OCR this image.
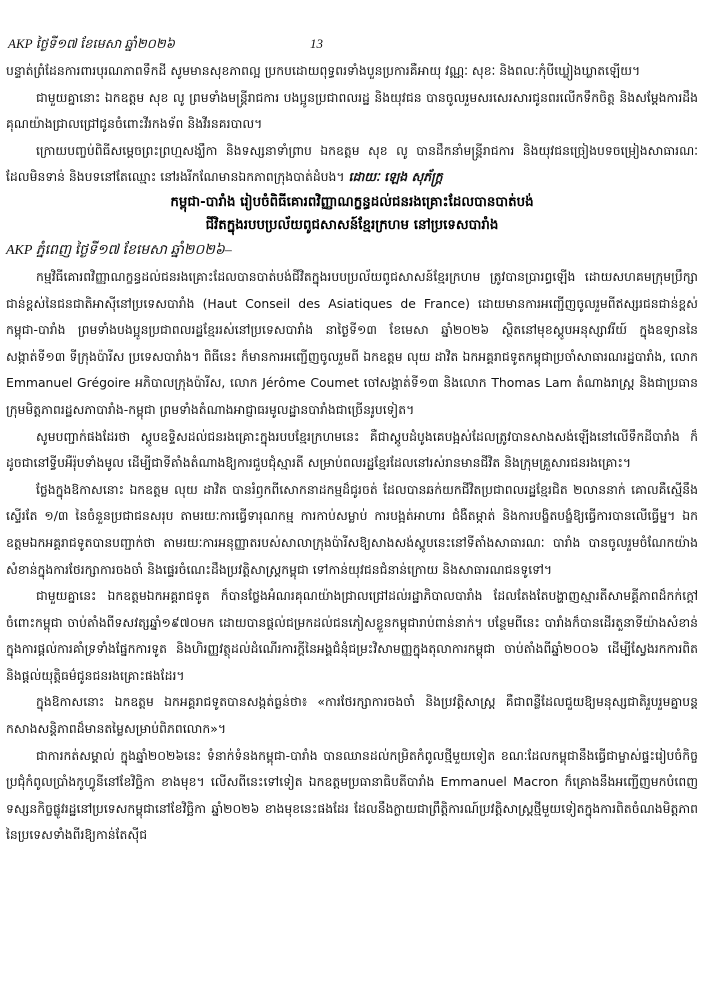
AKP ថ្ងៃទី១៧ ខែមេសា ឆ្នាំ២០២៦	13

បន្ទាត់ព្រំដែនការពារបុរណភាពទឹកដី សូមមានសុខភាពល្អ ប្រកបដោយពុទ្ធពរទាំងបួនប្រការគឺអាយុ វណ្ណៈ សុខៈ និងពលៈកុំបីឃ្លៀងឃ្លាតឡើយ។

ជាមួយគ្នានោះ ឯកឧត្តម សុខ លូ ព្រមទាំងមន្រ្តីរាជការ បងប្អូនប្រជាពលរដ្ឋ និងយុវជន បានចូលរួមសរសេរសារជូនពរលើកទឹកចិត្ត និងសម្តែងការដឹងគុណយ៉ាងជ្រាលជ្រៅជូនចំពោះវីរកងទ័ព និងវីរនគរបាល។

ក្រោយបញ្ចប់ពិធីសម្តេចព្រះព្រហ្មសង្ឃឹកា និងទស្សនាទាំព្រាប ឯកឧត្តម សុខ លូ បានដឹកនាំមន្រ្តីរាជការ និងយុវជនច្រៀងបទចម្រៀងសាធារណៈ ដែលមិនទាន់ និងបទនៅតែឈ្មោះ នៅរងរីកណែមានឯកភាពក្រុងបាត់ដំបង។ ដោយៈ ឡេង សុភ័ក្ត្រ

កម្ពុជា-បារាំង រៀបចំពិធីគោរពវិញ្ញាណក្ខន្ធដល់ជនរងគ្រោះដែលបានបាត់បង់
ជីវិតក្នុងរបបប្រល័យពូជសាសន៍ខ្មែរក្រហម នៅប្រទេសបារាំង

AKP ភ្នំពេញ ថ្ងៃទី១៧ ខែមេសា ឆ្នាំ២០២៦–

កម្មវិធីគោរពវិញ្ញាណក្ខន្ធដល់ជនរងគ្រោះដែលបានបាត់បង់ជីវិតក្នុងរបបប្រល័យពូជសាសន៍ខ្មែរក្រហម ត្រូវបានប្រារព្ធឡើង ដោយសហគមក្រុមប្រឹក្សាជាន់ខ្ពស់នៃជនជាតិអាស៊ីនៅប្រទេសបារាំង (Haut Conseil des Asiatiques de France) ដោយមានការអញ្ជើញចូលរួមពីឥស្សរជនជាន់ខ្ពស់កម្ពុជា-បារាំង ព្រមទាំងបងប្អូនប្រជាពលរដ្ឋខ្មែររស់នៅប្រទេសបារាំង នាថ្ងៃទី១៣ ខែមេសា ឆ្នាំ២០២៦ ស្ថិតនៅមុខស្តូបអនុស្សាវរីយ៍ ក្នុងឧទ្យាននៃសង្កាត់ទី១៣ ទីក្រុងប៉ារីស ប្រទេសបារាំង។ ពិធីនេះ ក៏មានការអញ្ជើញចូលរួមពី ឯកឧត្តម លុយ ដាវិត ឯកអគ្គរាជទូតកម្ពុជាប្រចាំសាធារណរដ្ឋបារាំង, លោក Emmanuel Grégoire អភិបាលក្រុងប៉ារីស, លោក Jérôme Coumet ចៅសង្កាត់ទី១៣ និងលោក Thomas Lam តំណាងរាស្រ្ត និងជាប្រធានក្រុមមិត្តភាពរដ្ឋសភាបារាំង-កម្ពុជា ព្រមទាំងតំណាងអាជ្ញាធរមូលដ្ឋានបារាំងជាច្រើនរូបទៀត។

សូមបញ្ជាក់ផងដែរថា ស្តូបឧទ្ទិសដល់ជនរងគ្រោះក្នុងរបបខ្មែរក្រហមនេះ គឺជាស្តូបដំបូងគេបង្អស់ដែលត្រូវបានសាងសង់ឡើងនៅលើទឹកដីបារាំង ក៏ដូចជានៅទ្វីបអឺរ៉ុបទាំងមូល ដើម្បីជាទីតាំងតំណាងឱ្យការជួបជុំស្មារតី សម្រាប់ពលរដ្ឋខ្មែរដែលនៅរស់រានមានជីវិត និងក្រុមគ្រួសារជនរងគ្រោះ។

ថ្លែងក្នុងឱកាសនោះ ឯកឧត្តម លុយ ដាវិត បានរំឭកពីសោកនាដកម្មដ៏ជូរចត់ ដែលបានឆក់យកជីវិតប្រជាពលរដ្ឋខ្មែរជិត ២លាននាក់ គោលគឺស្មើនឹងស្ទើរតែ ១/៣ នៃចំនួនប្រជាជនសរុប តាមរយៈការធ្វើទារុណកម្ម ការកាប់សម្លាប់ ការបង្អត់អាហារ ជំងឺតម្កាត់ និងការបង្ខិតបង្ខំឱ្យធ្វើការបានលើធ្វើម្ន។ ឯកឧត្តមឯកអគ្គរាជទូតបានបញ្ជាក់ថា តាមរយៈការអនុញ្ញាតរបស់សាលាក្រុងប៉ារីសឱ្យសាងសង់ស្តូបនេះនៅទីតាំងសាធារណៈ បារាំង បានចូលរួមចំណែកយ៉ាងសំខាន់ក្នុងការថែរក្សាការចងចាំ និងផ្ទេរចំណេះដឹងប្រវត្តិសាស្រ្តកម្ពុជា ទៅកាន់យុវជនជំនាន់ក្រោយ និងសាធារណជនទូទៅ។

ជាមួយគ្នានេះ ឯកឧត្តមឯកអគ្គរាជទូត ក៏បានថ្លែងអំណរគុណយ៉ាងជ្រាលជ្រៅដល់រដ្ឋាភិបាលបារាំង ដែលតែងតែបង្ហាញស្មារតីសាមគ្គីភាពដ៏កក់ក្ដៅចំពោះកម្ពុជា ចាប់តាំងពីទសវត្សឆ្នាំ១៩៧០មក ដោយបានផ្តល់ជម្រកដល់ជនភៀសខ្លួនកម្ពុជារាប់ពាន់នាក់។ បន្ថែមពីនេះ បារាំងក៏បានដើរតួនាទីយ៉ាងសំខាន់ក្នុងការផ្តល់ការគាំទ្រទាំងផ្នែកការទូត និងហិរញ្ញវត្ថុដល់ដំណើរការក្តីនៃអង្គជំនុំជម្រះវិសាមញ្ញក្នុងតុលាការកម្ពុជា ចាប់តាំងពីឆ្នាំ២០០៦ ដើម្បីស្វែងរកការពិត និងផ្តល់យុត្តិធម៌ជូនជនរងគ្រោះផងដែរ។

ក្នុងឱកាសនោះ ឯកឧត្តម ឯកអគ្គរាជទូតបានសង្កត់ធ្ងន់ថា៖ «ការថែរក្សាការចងចាំ និងប្រវត្តិសាស្រ្ត គឺជាពន្លឺដែលជួយឱ្យមនុស្សជាតិរួបរួមគ្នាបន្តកសាងសន្តិភាពដ៏មានតម្លៃសម្រាប់ពិភពលោក»។

ជាការកត់សម្គាល់ ក្នុងឆ្នាំ២០២៦នេះ ទំនាក់ទំនងកម្ពុជា-បារាំង បានឈានដល់កម្រិតកំពូលថ្មីមួយទៀត ខណៈដែលកម្ពុជានឹងធ្វើជាម្ចាស់ផ្ទះរៀបចំកិច្ចប្រជុំកំពូលប្រាំងកូហ្វូនីនៅខែវិច្ឆិកា ខាងមុខ។ លើសពីនេះទៅទៀត ឯកឧត្តមប្រធានាធិបតីបារាំង Emmanuel Macron ក៏គ្រោងនឹងអញ្ជើញមកបំពេញទស្សនកិច្ចផ្លូវរដ្ឋនៅប្រទេសកម្ពុជានៅខែវិច្ឆិកា ឆ្នាំ២០២៦ ខាងមុខនេះផងដែរ ដែលនឹងក្លាយជាព្រឹត្តិការណ៍ប្រវត្តិសាស្រ្តថ្មីមួយទៀតក្នុងការពិតចំណងមិត្តភាពនៃប្រទេសទាំងពីរឱ្យកាន់តែស៊ីជ
